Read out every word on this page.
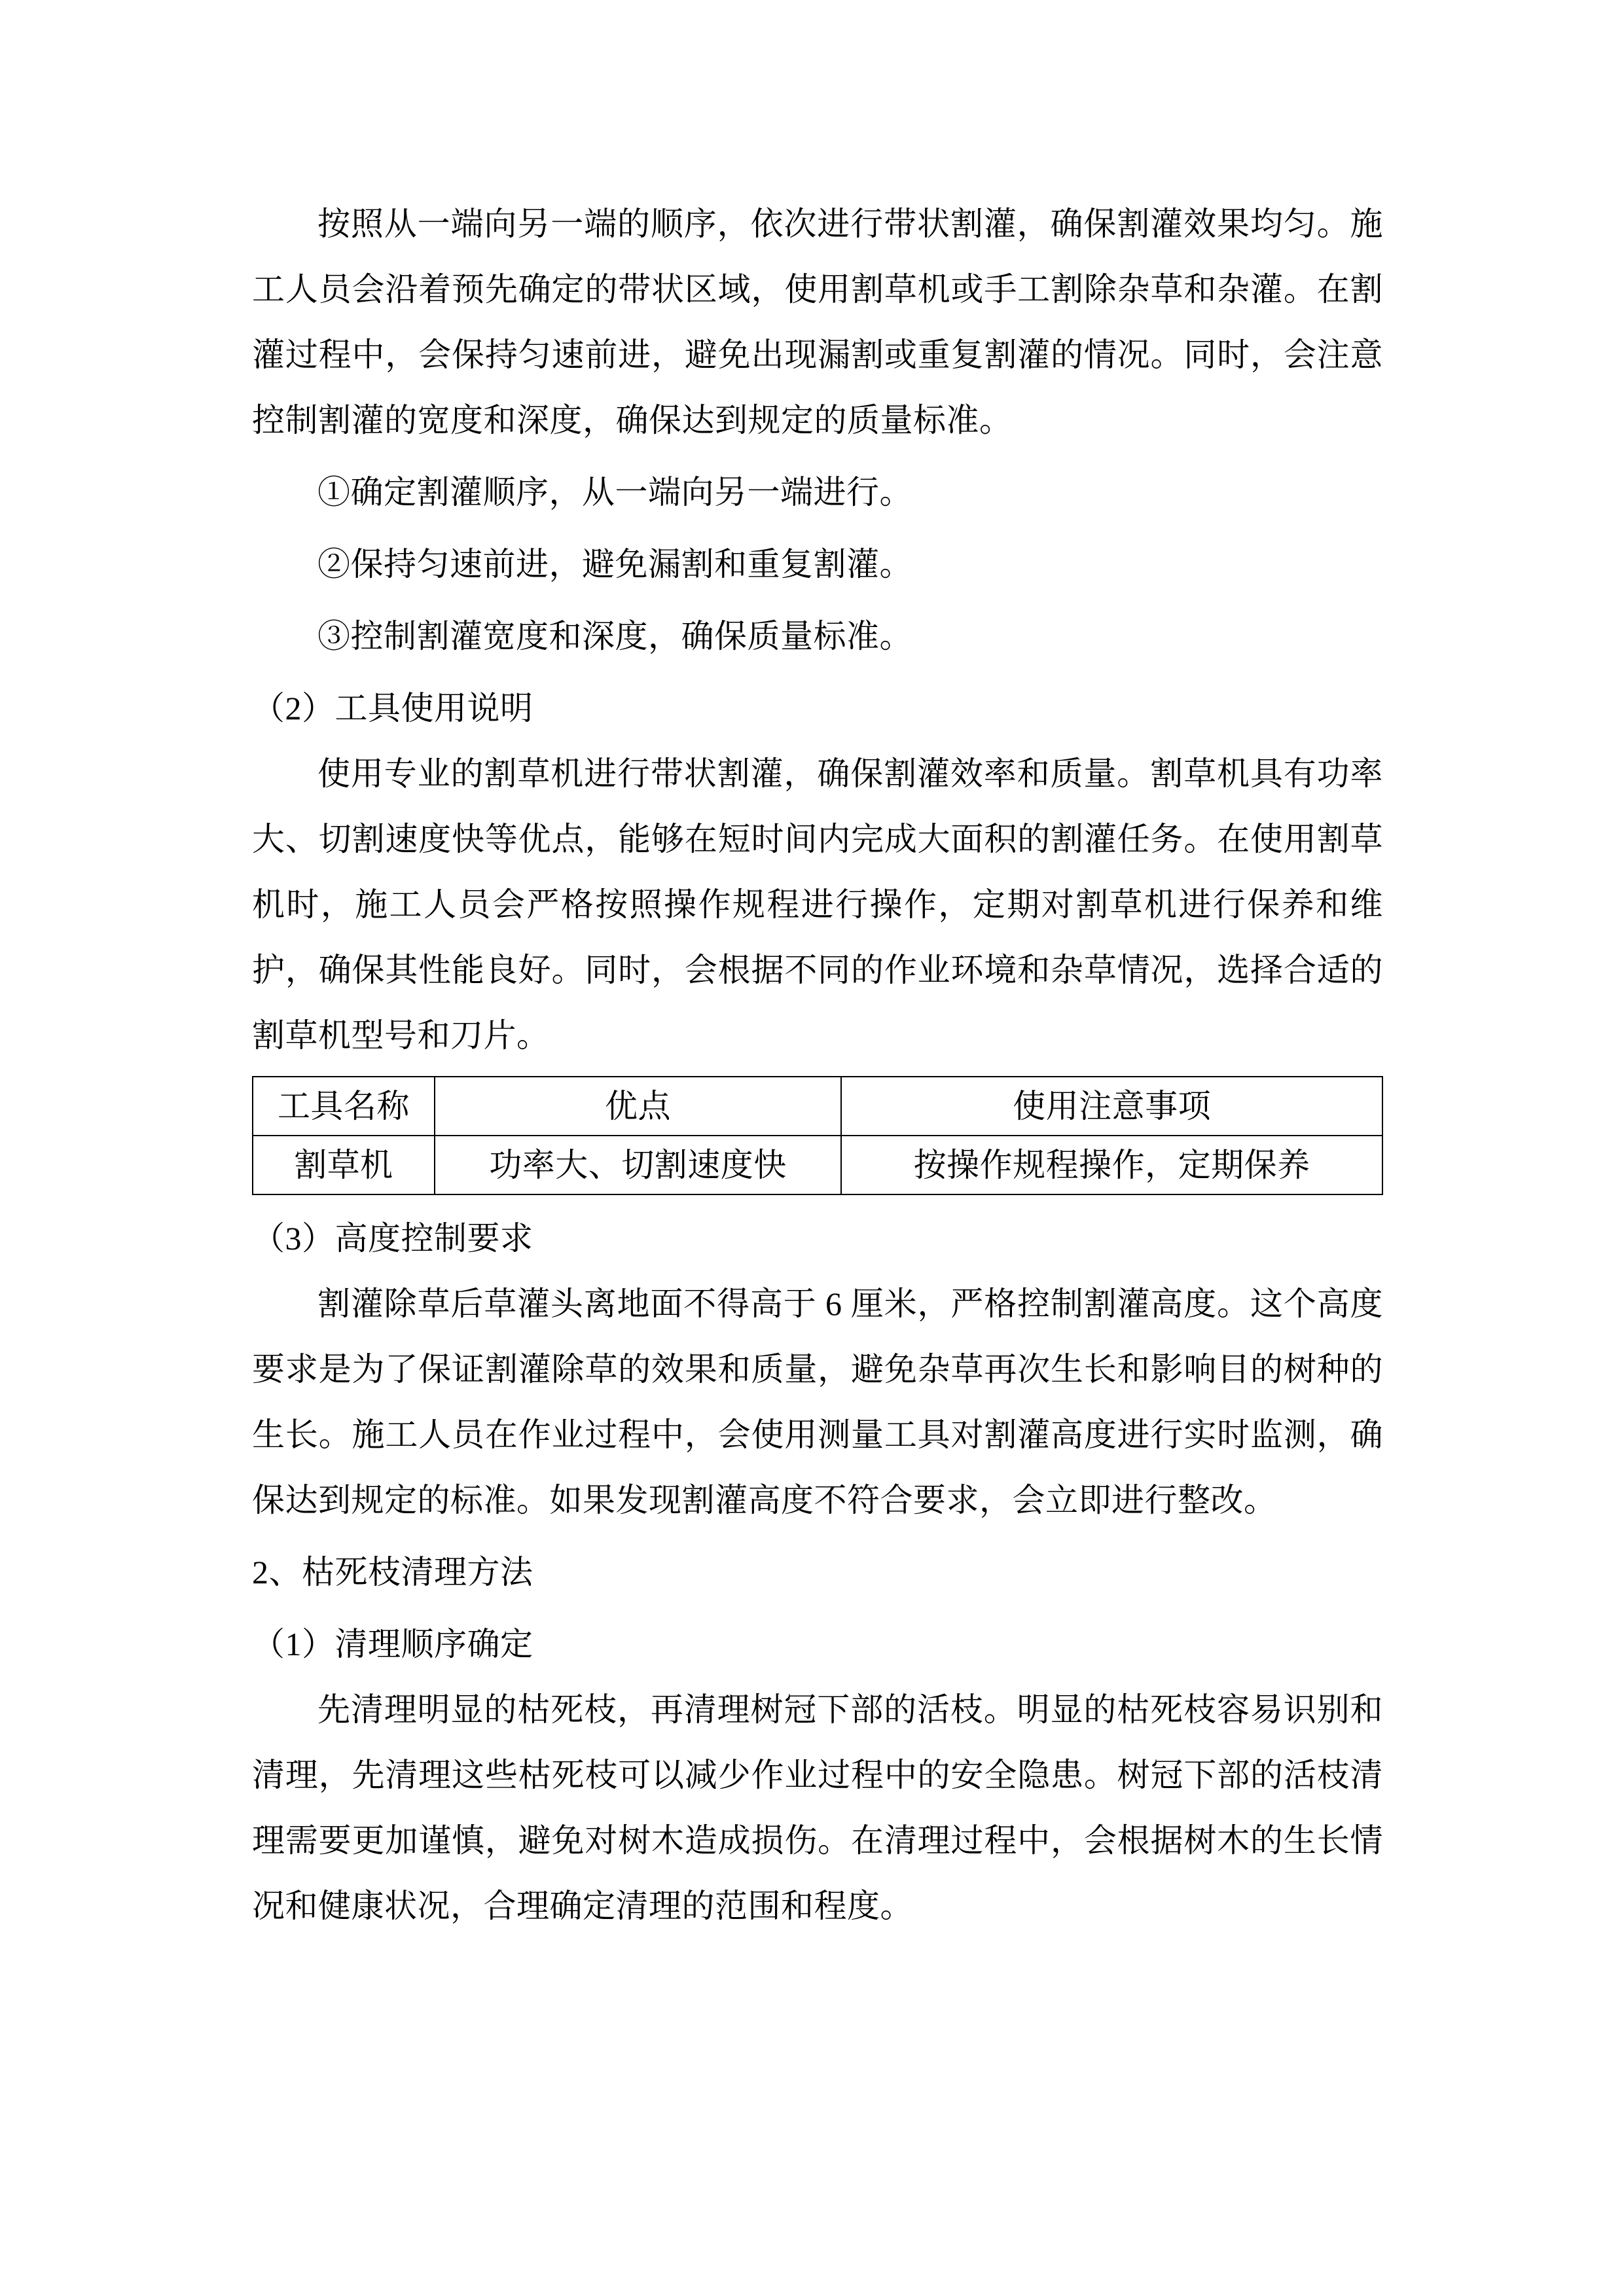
按照从一端向另一端的顺序，依次进行带状割灌，确保割灌效果均匀。施工人员会沿着预先确定的带状区域，使用割草机或手工割除杂草和杂灌。在割灌过程中，会保持匀速前进，避免出现漏割或重复割灌的情况。同时，会注意控制割灌的宽度和深度，确保达到规定的质量标准。

①确定割灌顺序，从一端向另一端进行。

②保持匀速前进，避免漏割和重复割灌。

③控制割灌宽度和深度，确保质量标准。

（2）工具使用说明

使用专业的割草机进行带状割灌，确保割灌效率和质量。割草机具有功率大、切割速度快等优点，能够在短时间内完成大面积的割灌任务。在使用割草机时，施工人员会严格按照操作规程进行操作，定期对割草机进行保养和维护，确保其性能良好。同时，会根据不同的作业环境和杂草情况，选择合适的割草机型号和刀片。

工具名称	优点	使用注意事项
割草机	功率大、切割速度快	按操作规程操作，定期保养

（3）高度控制要求

割灌除草后草灌头离地面不得高于 6 厘米，严格控制割灌高度。这个高度要求是为了保证割灌除草的效果和质量，避免杂草再次生长和影响目的树种的生长。施工人员在作业过程中，会使用测量工具对割灌高度进行实时监测，确保达到规定的标准。如果发现割灌高度不符合要求，会立即进行整改。

2、枯死枝清理方法

（1）清理顺序确定

先清理明显的枯死枝，再清理树冠下部的活枝。明显的枯死枝容易识别和清理，先清理这些枯死枝可以减少作业过程中的安全隐患。树冠下部的活枝清理需要更加谨慎，避免对树木造成损伤。在清理过程中，会根据树木的生长情况和健康状况，合理确定清理的范围和程度。
